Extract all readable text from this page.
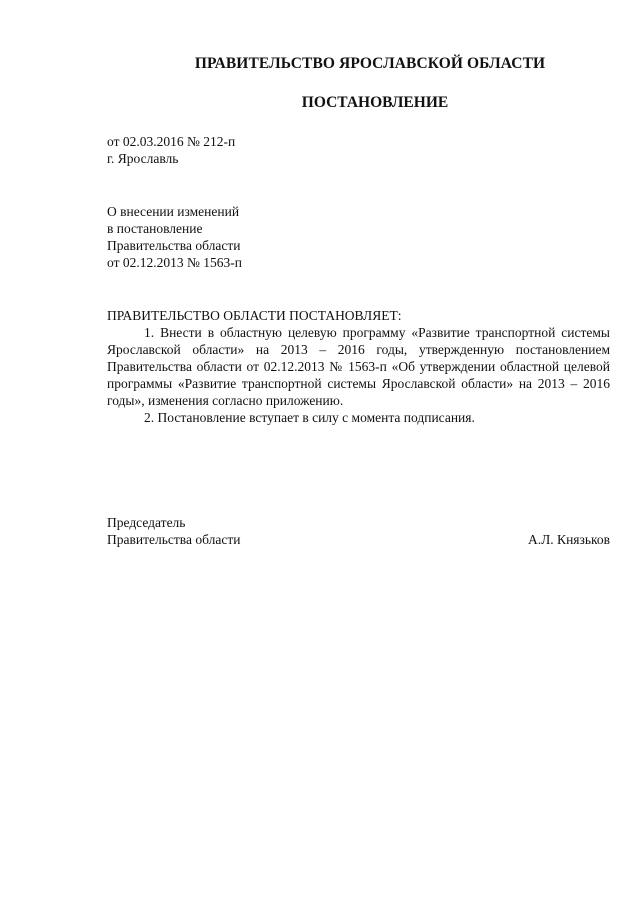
ПРАВИТЕЛЬСТВО ЯРОСЛАВСКОЙ ОБЛАСТИ
ПОСТАНОВЛЕНИЕ
от 02.03.2016 № 212-п
г. Ярославль
О внесении изменений
в постановление
Правительства области
от 02.12.2013 № 1563-п
ПРАВИТЕЛЬСТВО ОБЛАСТИ ПОСТАНОВЛЯЕТ:

1. Внести в областную целевую программу «Развитие транспортной системы Ярославской области» на 2013 – 2016 годы, утвержденную постановлением Правительства области от 02.12.2013 № 1563-п «Об утверждении областной целевой программы «Развитие транспортной системы Ярославской области» на 2013 – 2016 годы», изменения согласно приложению.

2. Постановление вступает в силу с момента подписания.

Председатель
Правительства области	А.Л. Князьков
